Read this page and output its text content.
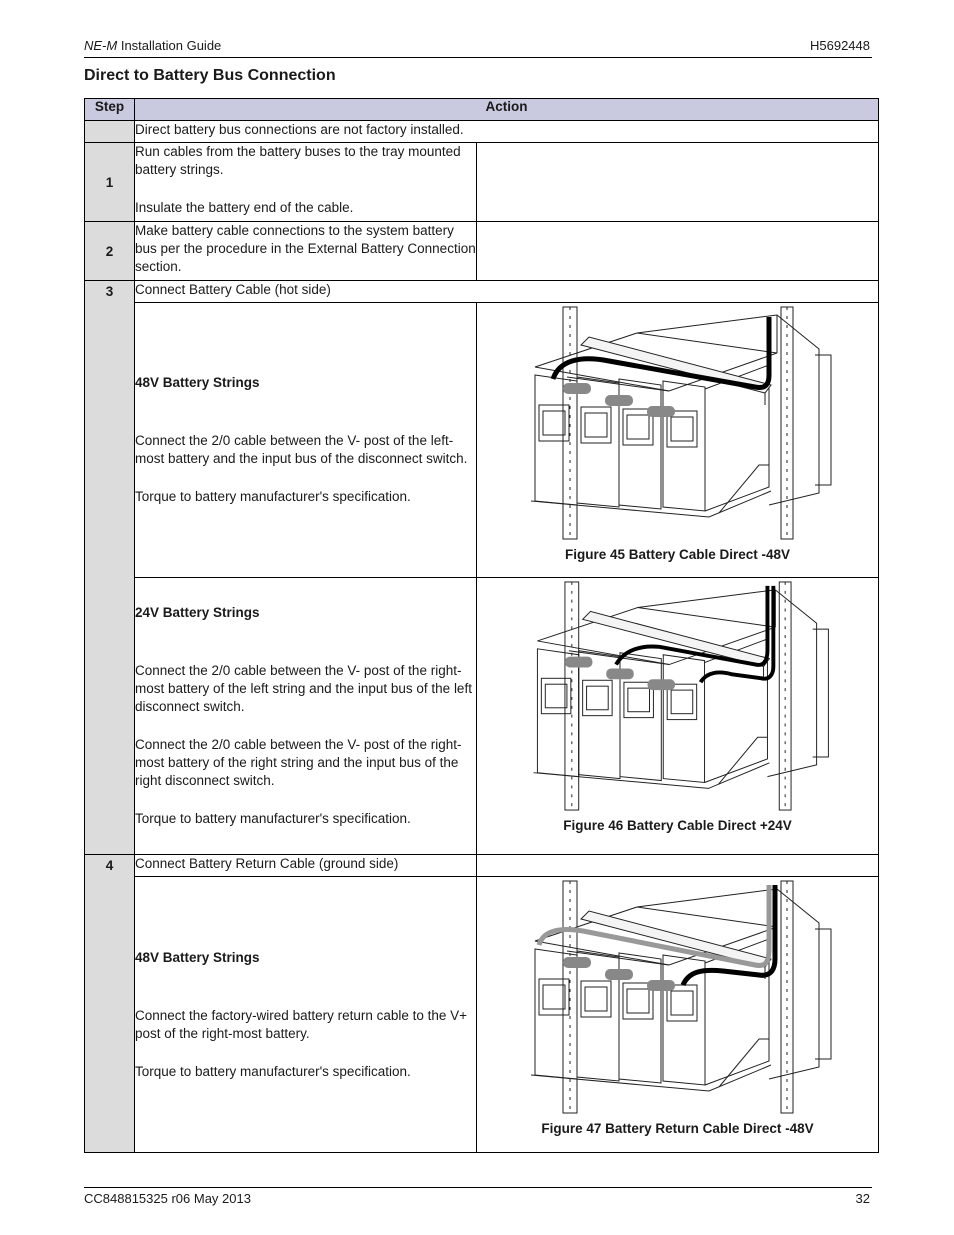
NE-M Installation Guide	H5692448
Direct to Battery Bus Connection
Step	Action	
	Direct battery bus connections are not factory installed.	
1	Run cables from the battery buses to the tray mounted battery strings.

Insulate the battery end of the cable.	

2	Make battery cable connections to the system battery bus per the procedure in the External Battery Connection section.	
3	Connect Battery Cable (hot side)	

	48V Battery Strings

Connect the 2/0 cable between the V- post of the left-most battery and the input bus of the disconnect switch.

Torque to battery manufacturer's specification.	Figure 45 Battery Cable Direct -48V

	24V Battery Strings

Connect the 2/0 cable between the V- post of the right-most battery of the left string and the input bus of the left disconnect switch.

Connect the 2/0 cable between the V- post of the right-most battery of the right string and the input bus of the right disconnect switch.

Torque to battery manufacturer's specification.	Figure 46 Battery Cable Direct +24V

4	Connect Battery Return Cable (ground side)	

	48V Battery Strings

Connect the factory-wired battery return cable to the V+ post of the right-most battery.

Torque to battery manufacturer's specification.	Figure 47 Battery Return Cable Direct -48V
CC848815325 r06 May 2013	32
